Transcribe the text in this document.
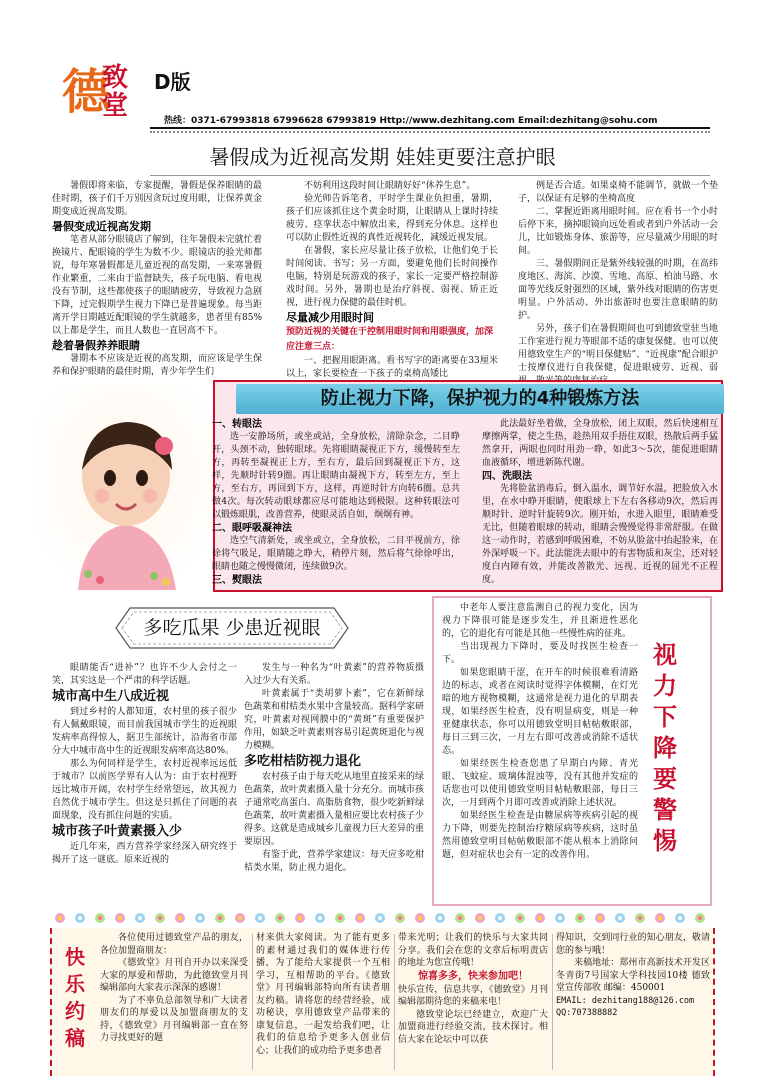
德
致
堂
D版
热线：0371-67993818 67996628 67993819 Http://www.dezhitang.com Email:dezhitang@sohu.com
暑假成为近视高发期 娃娃更要注意护眼

暑假即将来临，专家提醒，暑假是保养眼睛的最佳时期，孩子们千万别因贪玩过度用眼，让保养黄金期变成近视高发期。

暑假变成近视高发期

笔者从部分眼镜店了解到，往年暑假未完就忙着换镜片、配眼镜的学生为数不少。眼镜店的验光师都说，每年寒暑假都是儿童近视的高发期，一来寒暑假作业繁重，二来由于监督缺失，孩子玩电脑、看电视没有节制，这些都使孩子的眼睛疲劳，导致视力急剧下降，过完假期学生视力下降已是普遍现象。每当距离开学日期越近配眼镜的学生就越多，患者里有85%以上都是学生，而且人数也一直居高不下。

趁着暑假养养眼睛

暑期本不应该是近视的高发期，而应该是学生保养和保护眼睛的最佳时期，青少年学生们

不妨利用这段时间让眼睛好好“休养生息”。

验光师告诉笔者，平时学生课业负担重，暑期，孩子们应该抓住这个黄金时期，让眼睛从上课时持续疲劳、痉挛状态中解放出来，得到充分休息。这样也可以防止假性近视的真性近视转化，减缓近视发展。

在暑假，家长应尽量让孩子放松，让他们免于长时间阅读、书写；另一方面，要避免他们长时间操作电脑，特别是玩游戏的孩子，家长一定要严格控制游戏时间。另外，暑期也是治疗斜视、弱视、矫正近视，进行视力保健的最佳时机。

尽量减少用眼时间
预防近视的关键在于控制用眼时间和用眼强度，加深应注意三点：

一、把握用眼距离。看书写字的距离要在33厘米以上，家长要检查一下孩子的桌椅高矮比

例是否合适。如果桌椅不能调节，就做一个垫子，以保证有足够的坐椅高度

二、掌握近距离用眼时间。应在看书一个小时后停下来，摘掉眼镜向远处看或者到户外活动一会儿，比如锻炼身体、旅游等，应尽量减少用眼的时间。

三、暑假期间正是紫外线较强的时期，在高纬度地区、海滨、沙漠、雪地、高原、柏油马路、水面等光线反射强烈的区域，紫外线对眼睛的伤害更明显。户外活动、外出旅游时也要注意眼睛的防护。

另外，孩子们在暑假期间也可到德致堂驻当地工作室进行视力等眼部不适的康复保健。也可以使用德致堂生产的“明目保健贴”、“近视康”配合眼护士按摩仪进行自我保健，促进眼疲劳、近视、弱

防止视力下降，保护视力的4种锻炼方法
一、转眼法

选一安静场所，或坐或站，全身放松，清除杂念，二目睁开，头颈不动，独转眼球。先将眼睛凝视正下方，缓慢转至左方，再转至凝视正上方，至右方，最后回到凝视正下方，这样，先顺时针转9圈。再让眼睛由凝视下方，转至左方，至上方，至右方，再回到下方，这样，再逆时针方向转6圈。总共做4次。每次转动眼球都应尽可能地达到极限。这种转眼法可以锻炼眼肌，改善营养，使眼灵活自如，炯炯有神。

二、眼呼吸凝神法

选空气清新处，或坐或立，全身放松，二目平视前方，徐徐将气吸足，眼睛随之睁大，稍停片刻，然后将气徐徐呼出，眼睛也随之慢慢微闭，连续做9次。

三、熨眼法

此法最好坐着做，全身放松，闭上双眼，然后快速相互摩擦两掌，使之生热，趁热用双手捂住双眼，热散后两手猛然拿开，两眼也同时用劲一睁，如此3～5次，能促进眼睛血液循环，增进新陈代谢。

四、洗眼法

先将脸盆消毒后，倒入温水，调节好水温，把脸放入水里，在水中睁开眼睛，使眼球上下左右各移动9次，然后再顺时针、逆时针旋转9次。刚开始，水进入眼里，眼睛难受无比，但随着眼球的转动，眼睛会慢慢觉得非常舒服。在做这一动作时，若感到呼吸困难，不妨从脸盆中抬起脸来，在外深呼吸一下。此法能洗去眼中的有害物质和灰尘，还对轻度白内障有效，并能改善散光、远视、近视的屈光不正程度。

多吃瓜果 少患近视眼

眼睛能否“进补”？也许不少人会付之一笑，其实这是一个严肃的科学话题。

城市高中生八成近视

到过乡村的人都知道，农村里的孩子很少有人佩戴眼镜，而目前我国城市学生的近视眼发病率高得惊人，据卫生部统计，沿海省市部分大中城市高中生的近视眼发病率高达80%。

那么为何同样是学生，农村近视率远远低于城市？以前医学界有人认为：由于农村视野远比城市开阔，农村学生经常望远，故其视力自然优于城市学生。但这是只抓住了问题的表面现象，没有抓住问题的实质。

城市孩子叶黄素摄入少

近几年来，西方营养学家经深入研究终于揭开了这一谜底。原来近视的

发生与一种名为“叶黄素”的营养物质摄入过少大有关系。

叶黄素属于“类胡萝卜素”，它在新鲜绿色蔬菜和柑桔类水果中含量较高。据科学家研究，叶黄素对视网膜中的“黄斑”有重要保护作用，如缺乏叶黄素则容易引起黄斑退化与视力模糊。

多吃柑桔防视力退化

农村孩子由于每天吃从地里直接采来的绿色蔬菜，故叶黄素摄入量十分充分。而城市孩子通常吃高蛋白、高脂肪食物，很少吃新鲜绿色蔬菜，故叶黄素摄入量相应要比农村孩子少得多。这就是造成城乡儿童视力巨大差异的重要原因。

有鉴于此，营养学家建议：每天应多吃柑桔类水果，防止视力退化。

中老年人要注意监测自己的视力变化，因为视力下降很可能是逐步发生，并且渐进性恶化的，它的退化有可能是其他一些慢性病的征兆。

当出现视力下降时，要及时找医生检查一下。

如果您眼睛干涩，在开车的时候很难看清路边的标志，或者在阅读时觉得字体模糊，在灯光暗的地方视物模糊，这通常是视力退化的早期表现，如果经医生检查，没有明显病变，则是一种亚健康状态，你可以用德致堂明目帖帖敷眼部，每日三到三次，一月左右即可改善或消除不适状态。

如果经医生检查您患了早期白内障、青光眼、飞蚊症、玻璃体混浊等，没有其他并发症的话您也可以使用德致堂明目帖帖敷眼部，每日三次，一月到两个月即可改善或消除上述状况。

如果经医生检查是由糖尿病等疾病引起的视力下降，则要先控制治疗糖尿病等疾病，这时虽然用德致堂明目帖帖敷眼部不能从根本上消除问题，但对症状也会有一定的改善作用。

视力下降要警惕
快乐约稿

各位使用过德致堂产品的朋友，各位加盟商朋友：

《德致堂》月刊自开办以来深受大家的厚爱和帮助，为此德致堂月刊编辑部向大家表示深深的感谢！

为了不辜负总部领导和广大读者朋友们的厚爱以及加盟商朋友的支持，《德致堂》月刊编辑部一直在努力寻找更好的题

材来供大家阅读。为了能有更多的素材通过我们的媒体进行传播，为了能给大家提供一个互相学习，互相帮助的平台。《德致堂》月刊编辑部特向所有读者朋友约稿。请将您的经营经验，成功秘诀，享用德致堂产品带来的康复信息，一起发给我们吧，让我们的信息给予更多人创业信心；让我们的成功给予更多患者

带来光明；让我们的快乐与大家共同分享。我们会在您的文章后标明责店的地址为您宣传哦！

惊喜多多，快来参加吧！

快乐宣传，信息共享，《德致堂》月刊编辑部期待您的来稿来电！

德致堂论坛已经建立，欢迎广大加盟商进行经验交流，技术探讨。相信大家在论坛中可以获

得知识，交到同行业的知心朋友，敬请您的参与哦！

来稿地址：郑州市高新技术开发区冬青街7号国家大学科技园10楼 德致堂宣传部收 邮编：450001

EMAIL: dezhitang188@126.com
QQ:707388882
